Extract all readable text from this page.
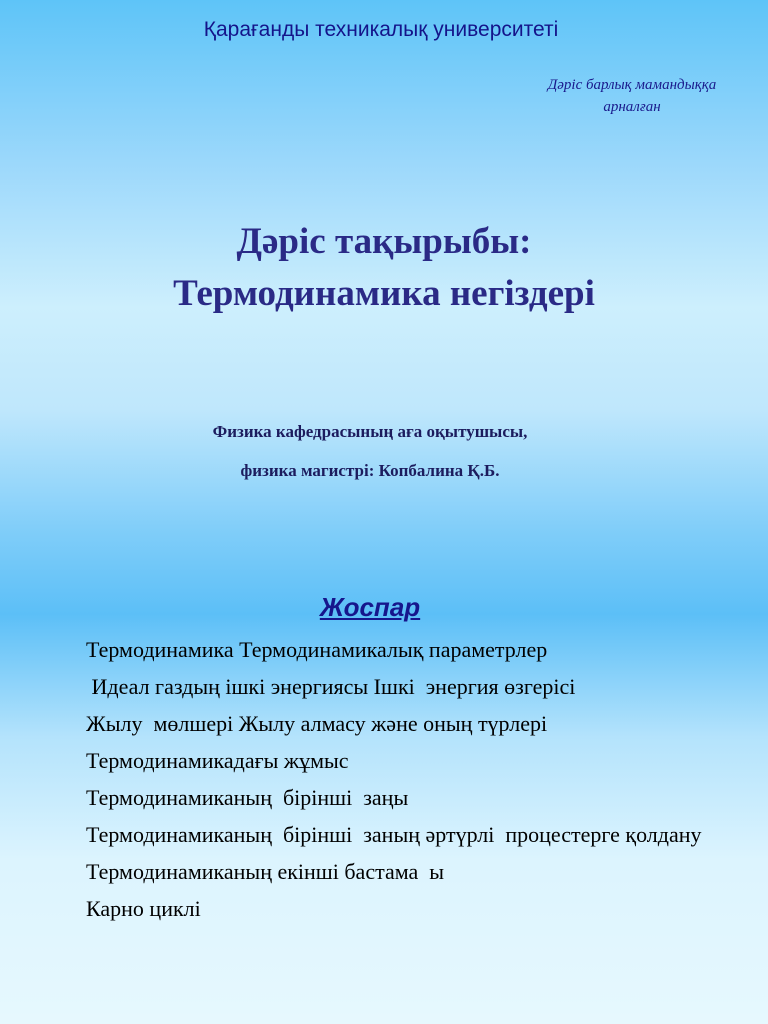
Қарағанды техникалық университеті
Дәріс барлық мамандыққа
арналған
Дәріс тақырыбы:
Термодинамика негіздері
Физика кафедрасының аға оқытушысы,
физика магистрі: Копбалина Қ.Б.
Жоспар
Термодинамика Термодинамикалық параметрлер
Идеал газдың ішкі энергиясы Ішкі  энергия өзгерісі
Жылу  мөлшері Жылу алмасу және оның түрлері
Термодинамикадағы жұмыс
Термодинамиканың  бірінші  заңы
Термодинамиканың  бірінші  заның әртүрлі  процестерге қолдану
Термодинамиканың екінші бастама  ы
Карно циклі
